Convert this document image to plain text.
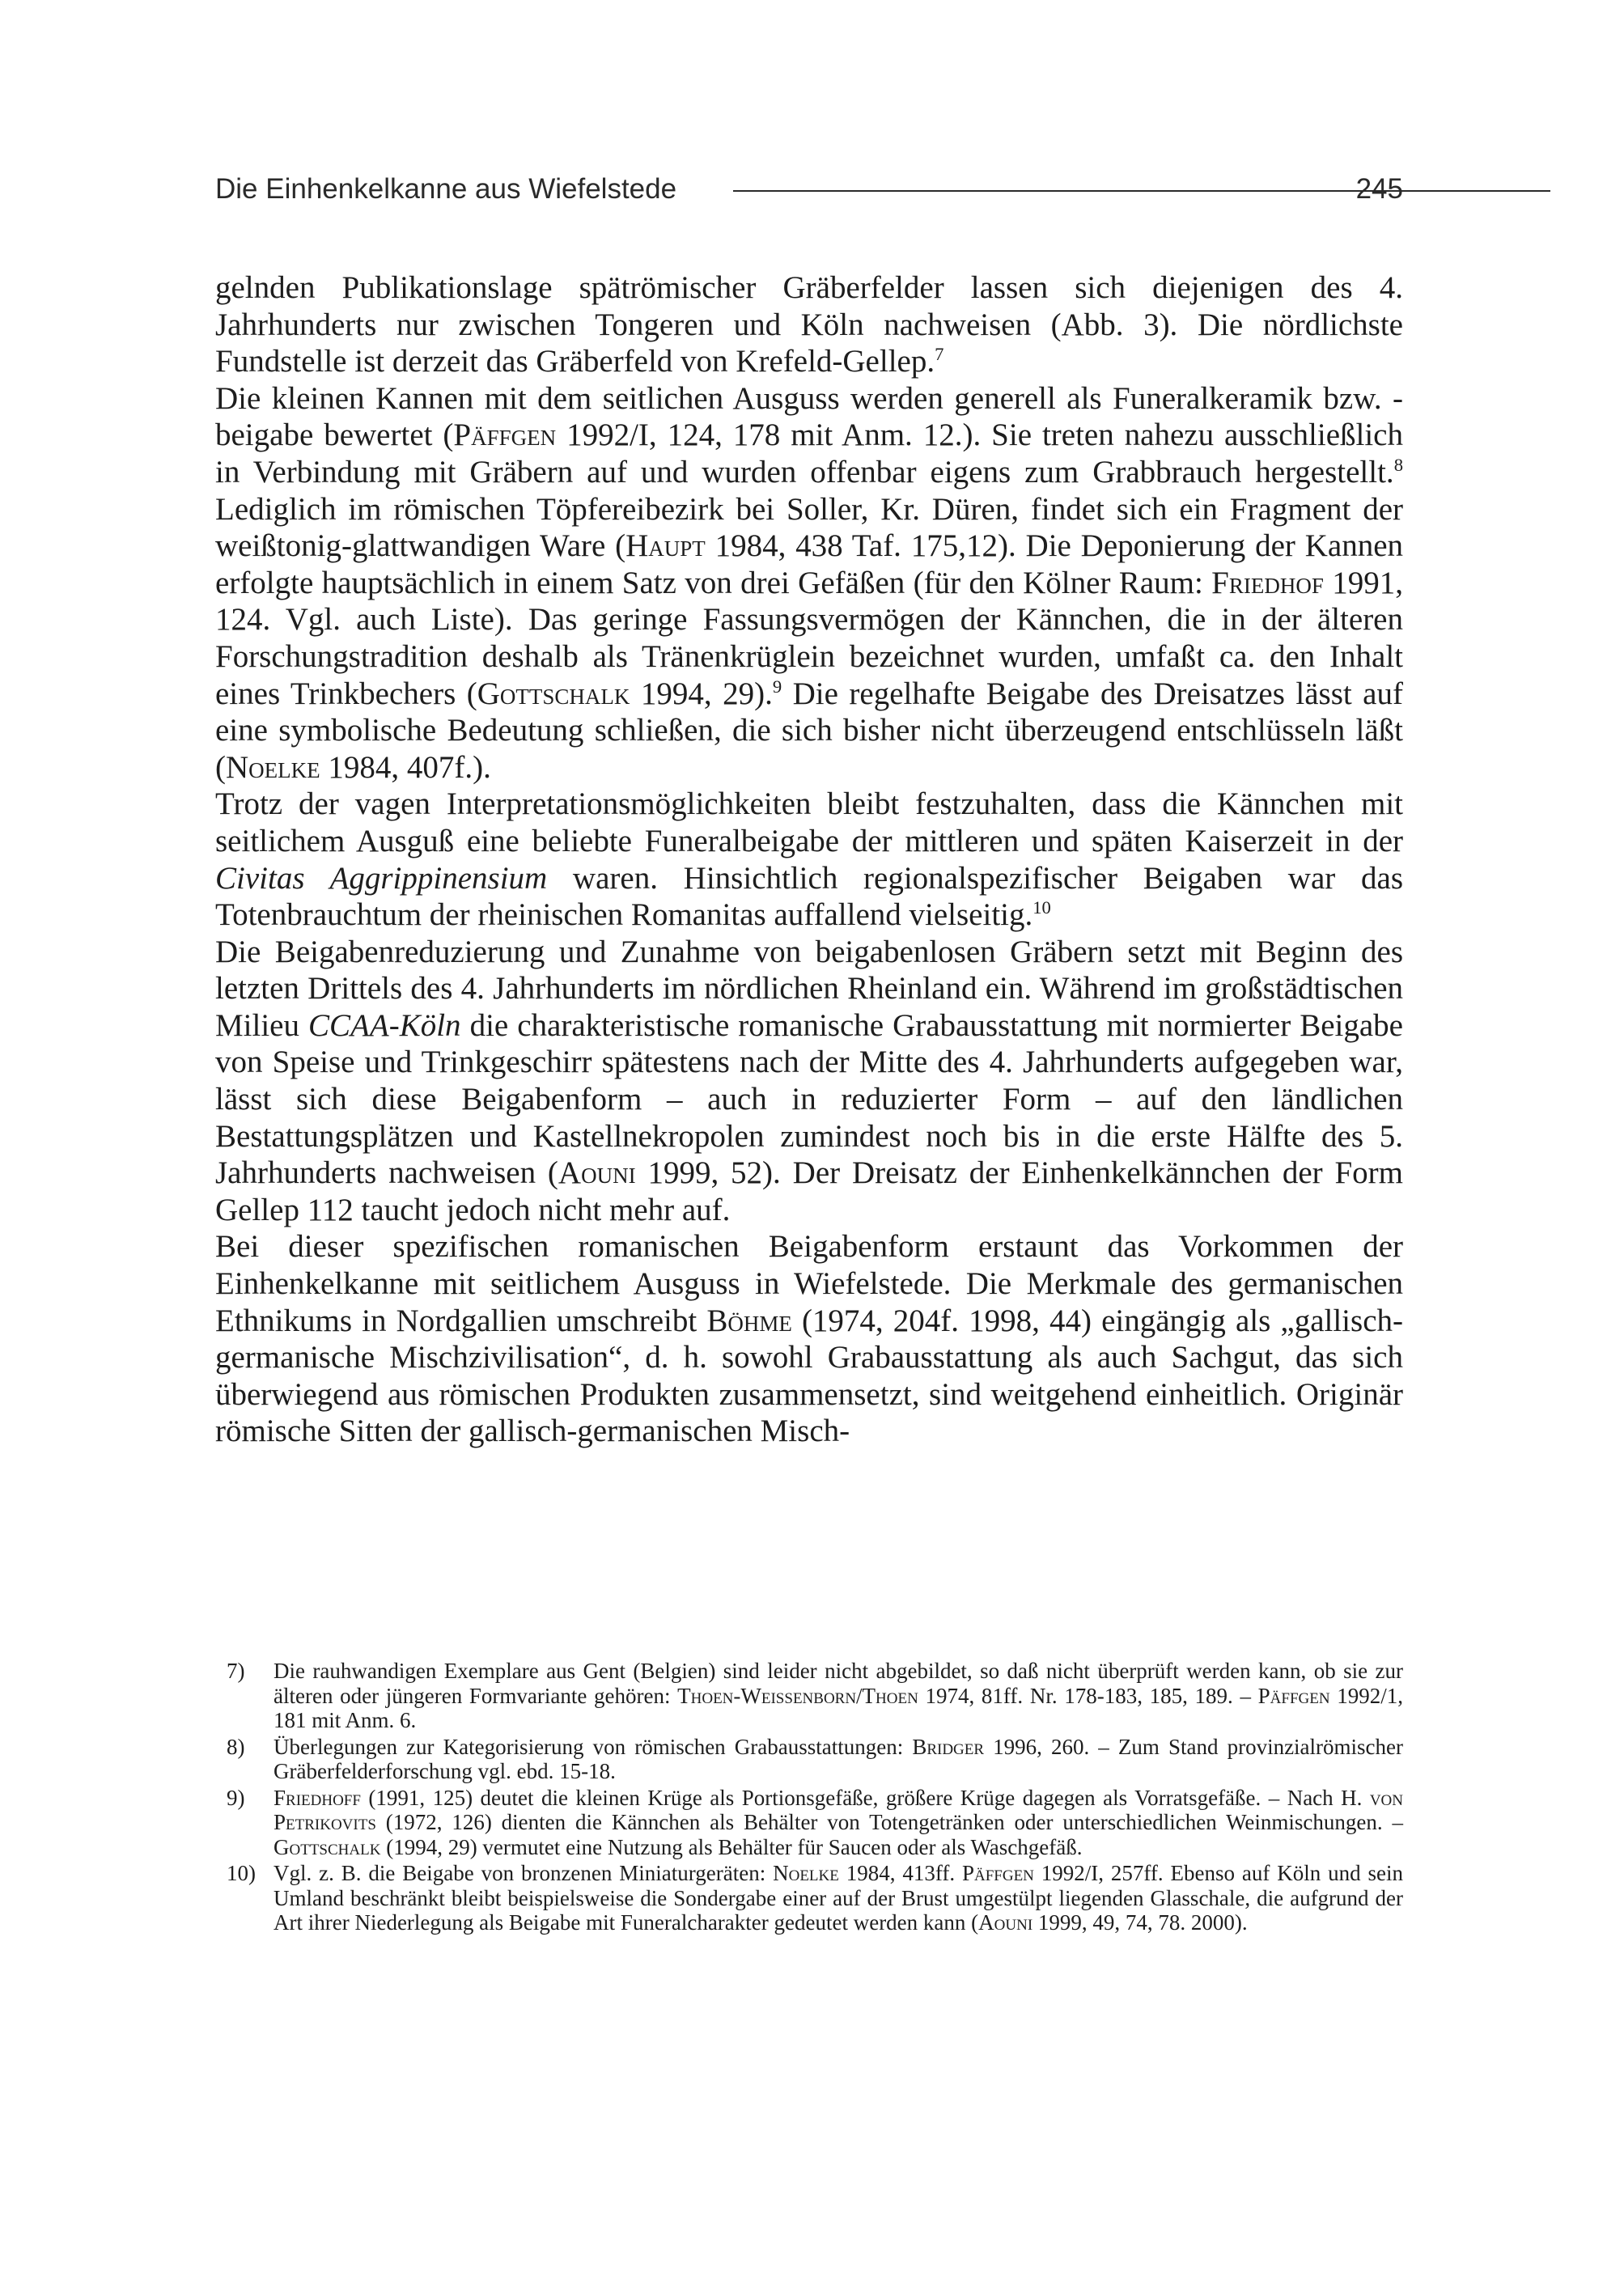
Die Einhenkelkanne aus Wiefelstede	245

gelnden Publikationslage spätrömischer Gräberfelder lassen sich diejenigen des 4. Jahrhunderts nur zwischen Tongeren und Köln nachweisen (Abb. 3). Die nördlichste Fundstelle ist derzeit das Gräberfeld von Krefeld-Gellep.$^7$

Die kleinen Kannen mit dem seitlichen Ausguss werden generell als Funeralkeramik bzw. -beigabe bewertet (Päffgen 1992/I, 124, 178 mit Anm. 12.). Sie treten nahezu ausschließlich in Verbindung mit Gräbern auf und wurden offenbar eigens zum Grabbrauch hergestellt.$^8$ Lediglich im römischen Töpfereibezirk bei Soller, Kr. Düren, findet sich ein Fragment der weißtonig-glattwandigen Ware (Haupt 1984, 438 Taf. 175,12). Die Deponierung der Kannen erfolgte hauptsächlich in einem Satz von drei Gefäßen (für den Kölner Raum: Friedhof 1991, 124. Vgl. auch Liste). Das geringe Fassungsvermögen der Kännchen, die in der älteren Forschungstradition deshalb als Tränenkrüglein bezeichnet wurden, umfaßt ca. den Inhalt eines Trinkbechers (Gottschalk 1994, 29).$^9$ Die regelhafte Beigabe des Dreisatzes lässt auf eine symbolische Bedeutung schließen, die sich bisher nicht überzeugend entschlüsseln läßt (Noelke 1984, 407f.).

Trotz der vagen Interpretationsmöglichkeiten bleibt festzuhalten, dass die Kännchen mit seitlichem Ausguß eine beliebte Funeralbeigabe der mittleren und späten Kaiserzeit in der Civitas Aggrippinensium waren. Hinsichtlich regionalspezifischer Beigaben war das Totenbrauchtum der rheinischen Romanitas auffallend vielseitig.$^{10}$

Die Beigabenreduzierung und Zunahme von beigabenlosen Gräbern setzt mit Beginn des letzten Drittels des 4. Jahrhunderts im nördlichen Rheinland ein. Während im großstädtischen Milieu CCAA-Köln die charakteristische romanische Grabausstattung mit normierter Beigabe von Speise und Trinkgeschirr spätestens nach der Mitte des 4. Jahrhunderts aufgegeben war, lässt sich diese Beigabenform – auch in reduzierter Form – auf den ländlichen Bestattungsplätzen und Kastellnekropolen zumindest noch bis in die erste Hälfte des 5. Jahrhunderts nachweisen (Aouni 1999, 52). Der Dreisatz der Einhenkelkännchen der Form Gellep 112 taucht jedoch nicht mehr auf.

Bei dieser spezifischen romanischen Beigabenform erstaunt das Vorkommen der Einhenkelkanne mit seitlichem Ausguss in Wiefelstede. Die Merkmale des germanischen Ethnikums in Nordgallien umschreibt Böhme (1974, 204f. 1998, 44) eingängig als „gallisch-germanische Mischzivilisation“, d. h. sowohl Grabausstattung als auch Sachgut, das sich überwiegend aus römischen Produkten zusammensetzt, sind weitgehend einheitlich. Originär römische Sitten der gallisch-germanischen Misch-

7) Die rauhwandigen Exemplare aus Gent (Belgien) sind leider nicht abgebildet, so daß nicht überprüft werden kann, ob sie zur älteren oder jüngeren Formvariante gehören: Thoen-Weissenborn/Thoen 1974, 81ff. Nr. 178-183, 185, 189. – Päffgen 1992/1, 181 mit Anm. 6.
8) Überlegungen zur Kategorisierung von römischen Grabausstattungen: Bridger 1996, 260. – Zum Stand provinzialrömischer Gräberfelderforschung vgl. ebd. 15-18.
9) Friedhoff (1991, 125) deutet die kleinen Krüge als Portionsgefäße, größere Krüge dagegen als Vorratsgefäße. – Nach H. von Petrikovits (1972, 126) dienten die Kännchen als Behälter von Totengetränken oder unterschiedlichen Weinmischungen. – Gottschalk (1994, 29) vermutet eine Nutzung als Behälter für Saucen oder als Waschgefäß.
10) Vgl. z. B. die Beigabe von bronzenen Miniaturgeräten: Noelke 1984, 413ff. Päffgen 1992/I, 257ff. Ebenso auf Köln und sein Umland beschränkt bleibt beispielsweise die Sondergabe einer auf der Brust umgestülpt liegenden Glasschale, die aufgrund der Art ihrer Niederlegung als Beigabe mit Funeralcharakter gedeutet werden kann (Aouni 1999, 49, 74, 78. 2000).
